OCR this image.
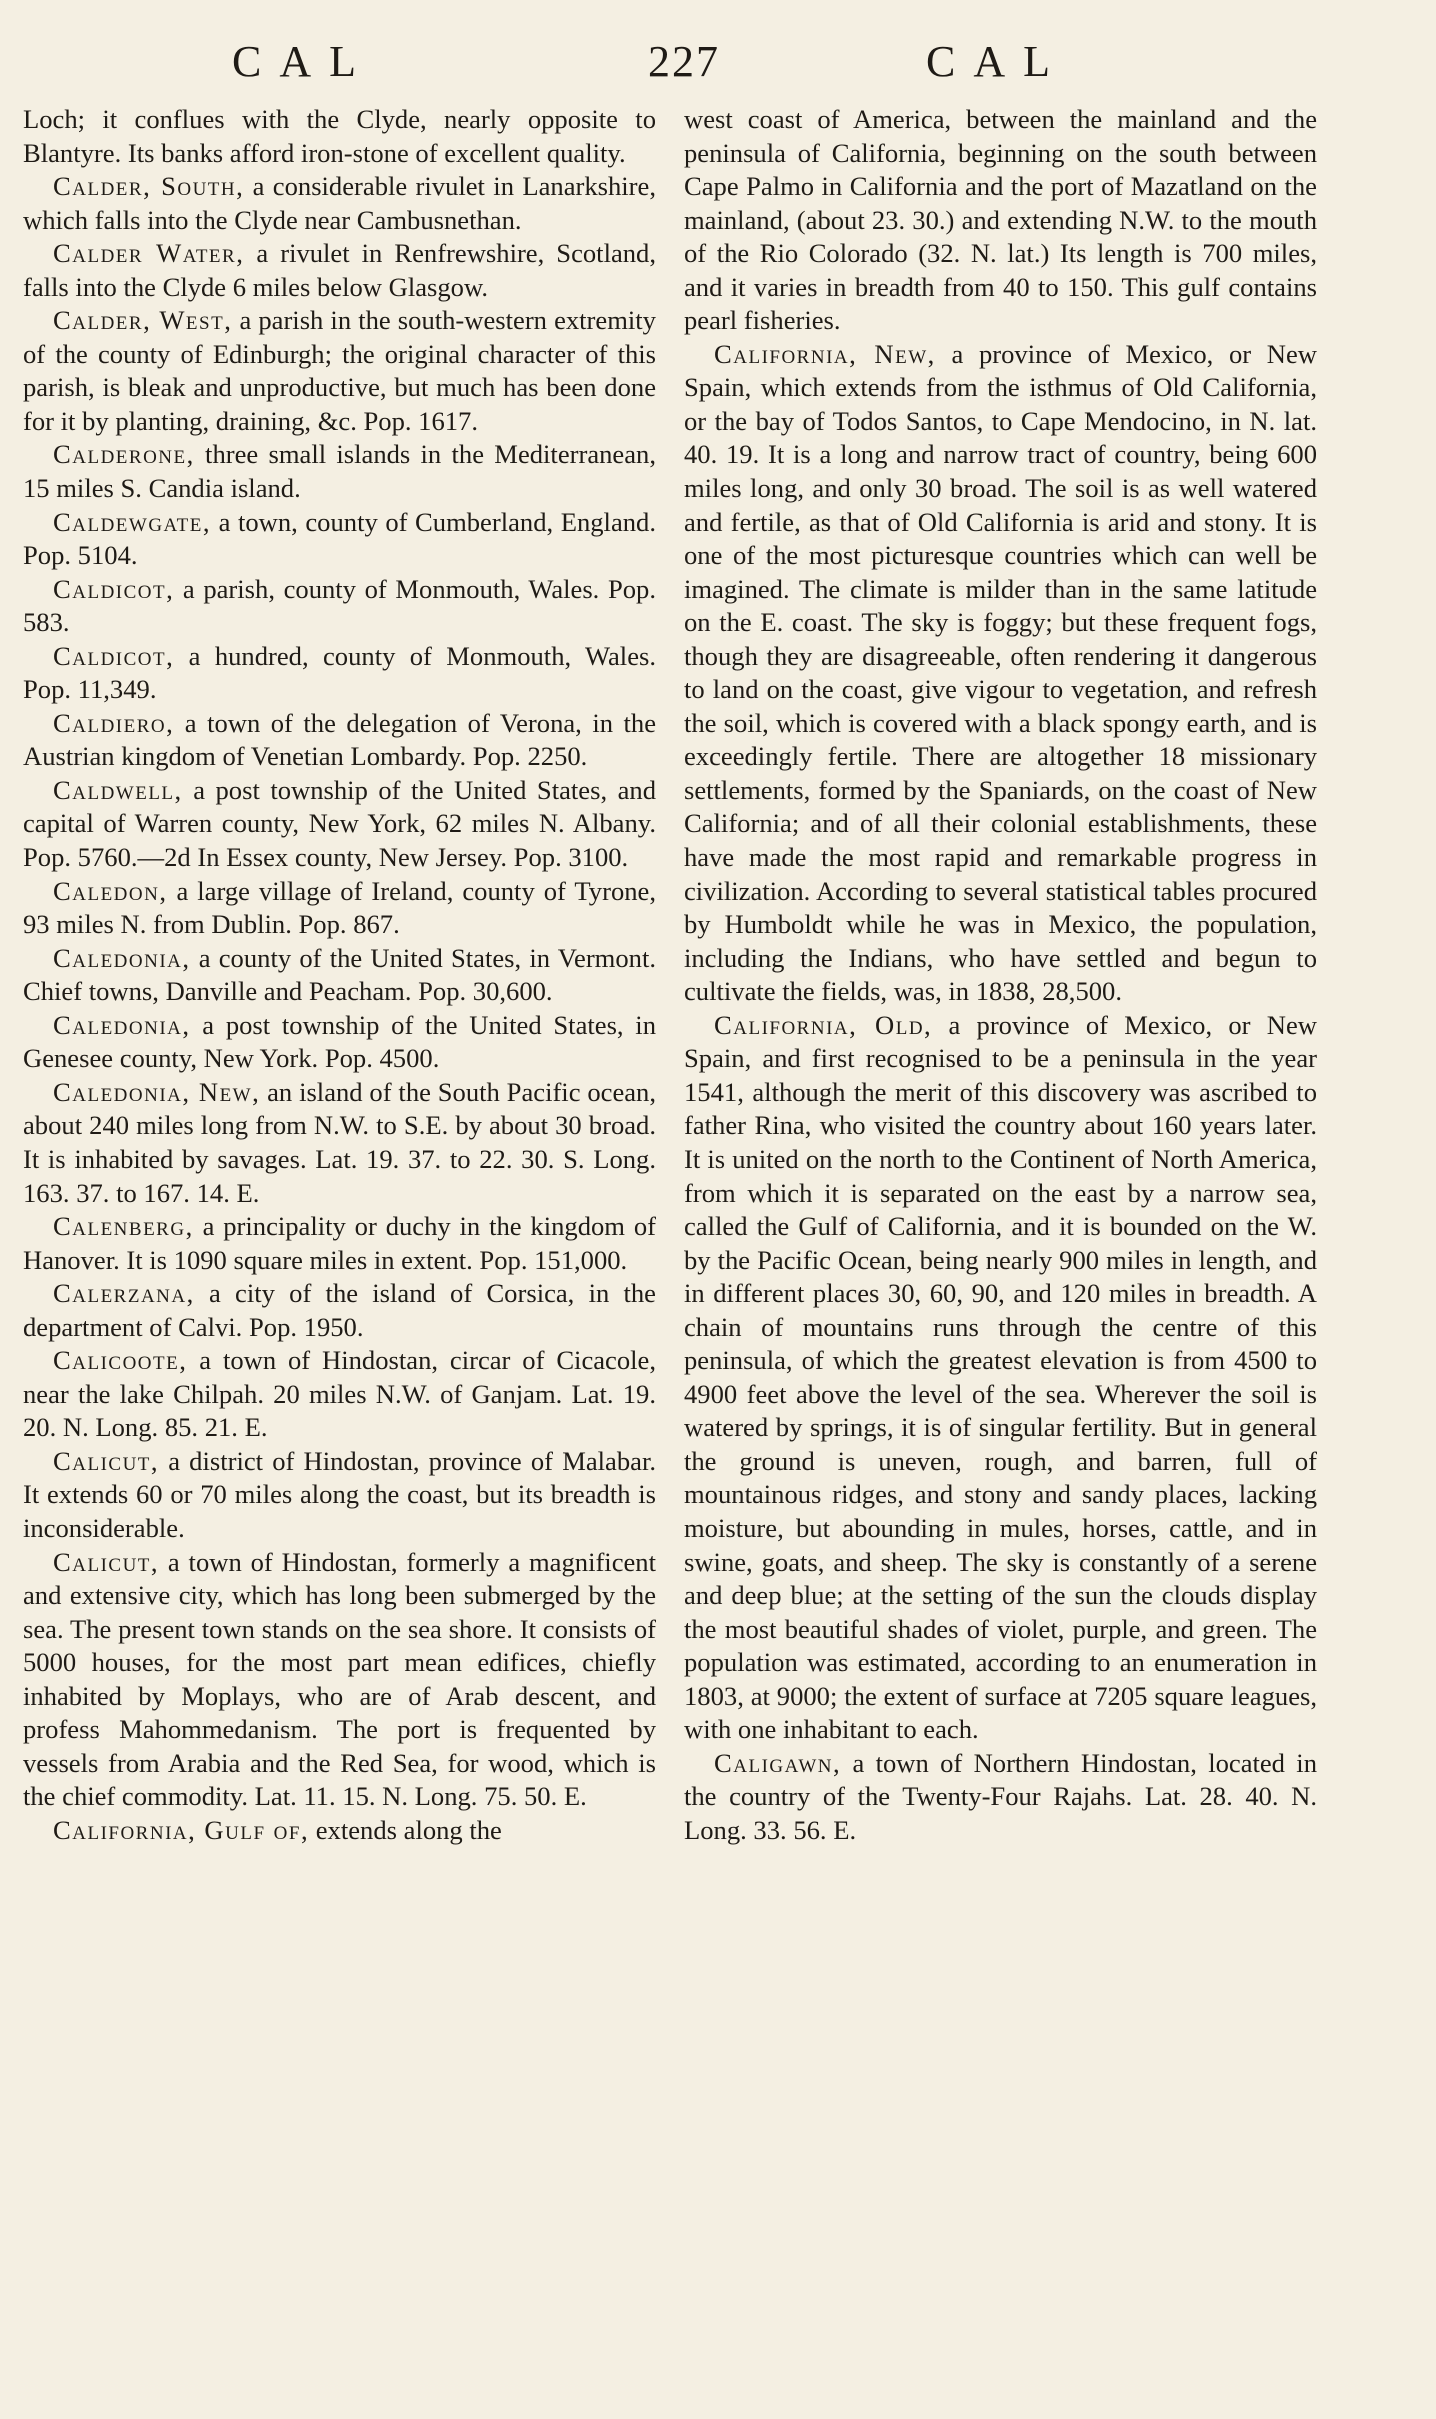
CAL	227	CAL

Loch; it conflues with the Clyde, nearly opposite to Blantyre. Its banks afford iron-stone of excellent quality.

Calder, South, a considerable rivulet in Lanarkshire, which falls into the Clyde near Cambusnethan.

Calder Water, a rivulet in Renfrewshire, Scotland, falls into the Clyde 6 miles below Glasgow.

Calder, West, a parish in the south-western extremity of the county of Edinburgh; the original character of this parish, is bleak and unproductive, but much has been done for it by planting, draining, &c. Pop. 1617.

Calderone, three small islands in the Mediterranean, 15 miles S. Candia island.

Caldewgate, a town, county of Cumberland, England. Pop. 5104.

Caldicot, a parish, county of Monmouth, Wales. Pop. 583.

Caldicot, a hundred, county of Monmouth, Wales. Pop. 11,349.

Caldiero, a town of the delegation of Verona, in the Austrian kingdom of Venetian Lombardy. Pop. 2250.

Caldwell, a post township of the United States, and capital of Warren county, New York, 62 miles N. Albany. Pop. 5760.—2d In Essex county, New Jersey. Pop. 3100.

Caledon, a large village of Ireland, county of Tyrone, 93 miles N. from Dublin. Pop. 867.

Caledonia, a county of the United States, in Vermont. Chief towns, Danville and Peacham. Pop. 30,600.

Caledonia, a post township of the United States, in Genesee county, New York. Pop. 4500.

Caledonia, New, an island of the South Pacific ocean, about 240 miles long from N.W. to S.E. by about 30 broad. It is inhabited by savages. Lat. 19. 37. to 22. 30. S. Long. 163. 37. to 167. 14. E.

Calenberg, a principality or duchy in the kingdom of Hanover. It is 1090 square miles in extent. Pop. 151,000.

Calerzana, a city of the island of Corsica, in the department of Calvi. Pop. 1950.

Calicoote, a town of Hindostan, circar of Cicacole, near the lake Chilpah. 20 miles N.W. of Ganjam. Lat. 19. 20. N. Long. 85. 21. E.

Calicut, a district of Hindostan, province of Malabar. It extends 60 or 70 miles along the coast, but its breadth is inconsiderable.

Calicut, a town of Hindostan, formerly a magnificent and extensive city, which has long been submerged by the sea. The present town stands on the sea shore. It consists of 5000 houses, for the most part mean edifices, chiefly inhabited by Moplays, who are of Arab descent, and profess Mahommedanism. The port is frequented by vessels from Arabia and the Red Sea, for wood, which is the chief commodity. Lat. 11. 15. N. Long. 75. 50. E.

California, Gulf of, extends along the

west coast of America, between the mainland and the peninsula of California, beginning on the south between Cape Palmo in California and the port of Mazatland on the mainland, (about 23. 30.) and extending N.W. to the mouth of the Rio Colorado (32. N. lat.) Its length is 700 miles, and it varies in breadth from 40 to 150. This gulf contains pearl fisheries.

California, New, a province of Mexico, or New Spain, which extends from the isthmus of Old California, or the bay of Todos Santos, to Cape Mendocino, in N. lat. 40. 19. It is a long and narrow tract of country, being 600 miles long, and only 30 broad. The soil is as well watered and fertile, as that of Old California is arid and stony. It is one of the most picturesque countries which can well be imagined. The climate is milder than in the same latitude on the E. coast. The sky is foggy; but these frequent fogs, though they are disagreeable, often rendering it dangerous to land on the coast, give vigour to vegetation, and refresh the soil, which is covered with a black spongy earth, and is exceedingly fertile. There are altogether 18 missionary settlements, formed by the Spaniards, on the coast of New California; and of all their colonial establishments, these have made the most rapid and remarkable progress in civilization. According to several statistical tables procured by Humboldt while he was in Mexico, the population, including the Indians, who have settled and begun to cultivate the fields, was, in 1838, 28,500.

California, Old, a province of Mexico, or New Spain, and first recognised to be a peninsula in the year 1541, although the merit of this discovery was ascribed to father Rina, who visited the country about 160 years later. It is united on the north to the Continent of North America, from which it is separated on the east by a narrow sea, called the Gulf of California, and it is bounded on the W. by the Pacific Ocean, being nearly 900 miles in length, and in different places 30, 60, 90, and 120 miles in breadth. A chain of mountains runs through the centre of this peninsula, of which the greatest elevation is from 4500 to 4900 feet above the level of the sea. Wherever the soil is watered by springs, it is of singular fertility. But in general the ground is uneven, rough, and barren, full of mountainous ridges, and stony and sandy places, lacking moisture, but abounding in mules, horses, cattle, and in swine, goats, and sheep. The sky is constantly of a serene and deep blue; at the setting of the sun the clouds display the most beautiful shades of violet, purple, and green. The population was estimated, according to an enumeration in 1803, at 9000; the extent of surface at 7205 square leagues, with one inhabitant to each.

Caligawn, a town of Northern Hindostan, located in the country of the Twenty-Four Rajahs. Lat. 28. 40. N. Long. 33. 56. E.
